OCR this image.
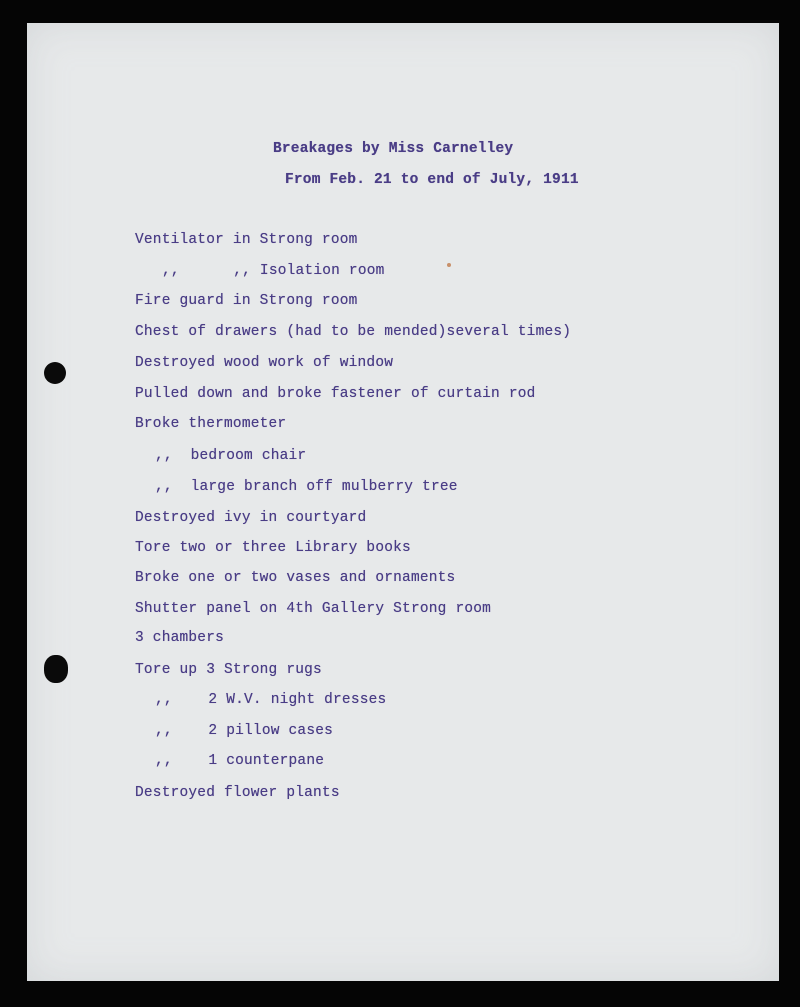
Breakages by Miss Carnelley
From Feb. 21 to end of July, 1911
Ventilator in Strong room
,,      ,, Isolation room
Fire guard in Strong room
Chest of drawers (had to be mended)several times)
Destroyed wood work of window
Pulled down and broke fastener of curtain rod
Broke thermometer
,,  bedroom chair
,,  large branch off mulberry tree
Destroyed ivy in courtyard
Tore two or three Library books
Broke one or two vases and ornaments
Shutter panel on 4th Gallery Strong room
3 chambers
Tore up 3 Strong rugs
,,    2 W.V. night dresses
,,    2 pillow cases
,,    1 counterpane
Destroyed flower plants
